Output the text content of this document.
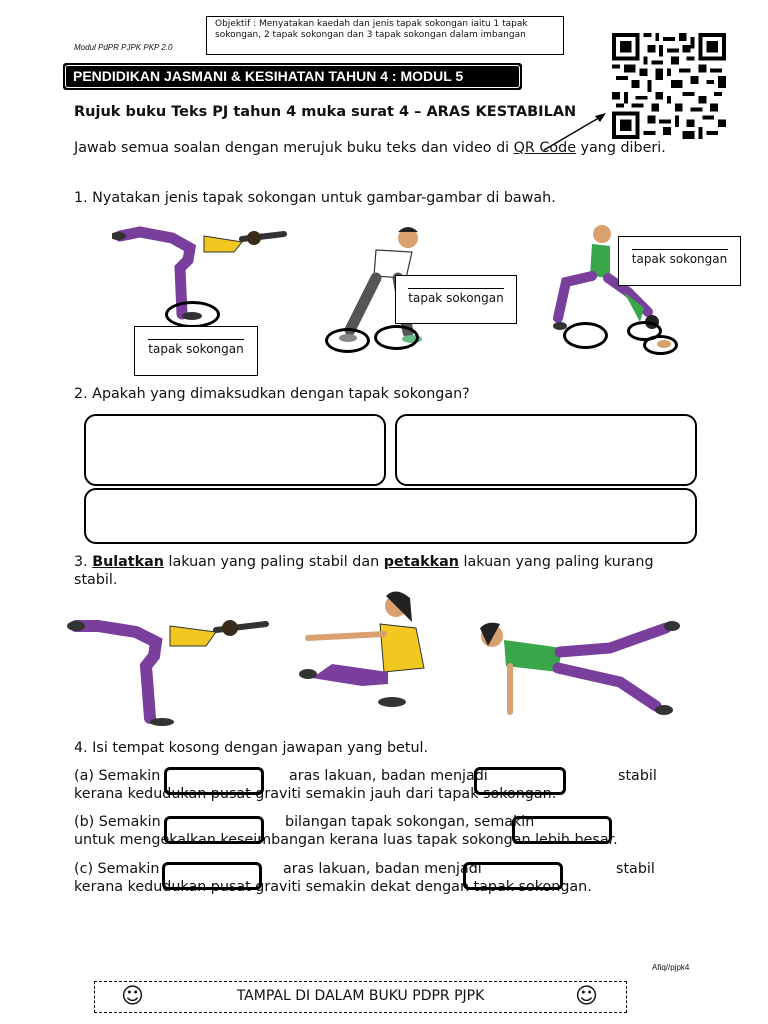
Modul PdPR PJPK PKP 2.0
Objektif : Menyatakan kaedah dan jenis tapak sokongan iaitu 1 tapak sokongan, 2 tapak sokongan dan 3 tapak sokongan dalam imbangan
PENDIDIKAN JASMANI & KESIHATAN TAHUN 4 : MODUL 5
Rujuk buku Teks PJ tahun 4 muka surat 4 – ARAS KESTABILAN
Jawab semua soalan dengan merujuk buku teks dan video di QR Code yang diberi.
1. Nyatakan jenis tapak sokongan untuk gambar-gambar di bawah.
tapak sokongan
tapak sokongan
tapak sokongan
2. Apakah yang dimaksudkan dengan tapak sokongan?
3. Bulatkan lakuan yang paling stabil dan petakkan lakuan yang paling kurang stabil.
4. Isi tempat kosong dengan jawapan yang betul.
(a) Semakin	aras lakuan, badan menjadi	stabil
kerana kedudukan pusat graviti semakin jauh dari tapak sokongan.
(b) Semakin	bilangan tapak sokongan, semakin
untuk mengekalkan keseimbangan kerana luas tapak sokongan lebih besar.
(c) Semakin	aras lakuan, badan menjadi	stabil
kerana kedudukan pusat graviti semakin dekat dengan tapak sokongan.
Afiq//pjpk4
☺	TAMPAL DI DALAM BUKU PDPR PJPK	☺
